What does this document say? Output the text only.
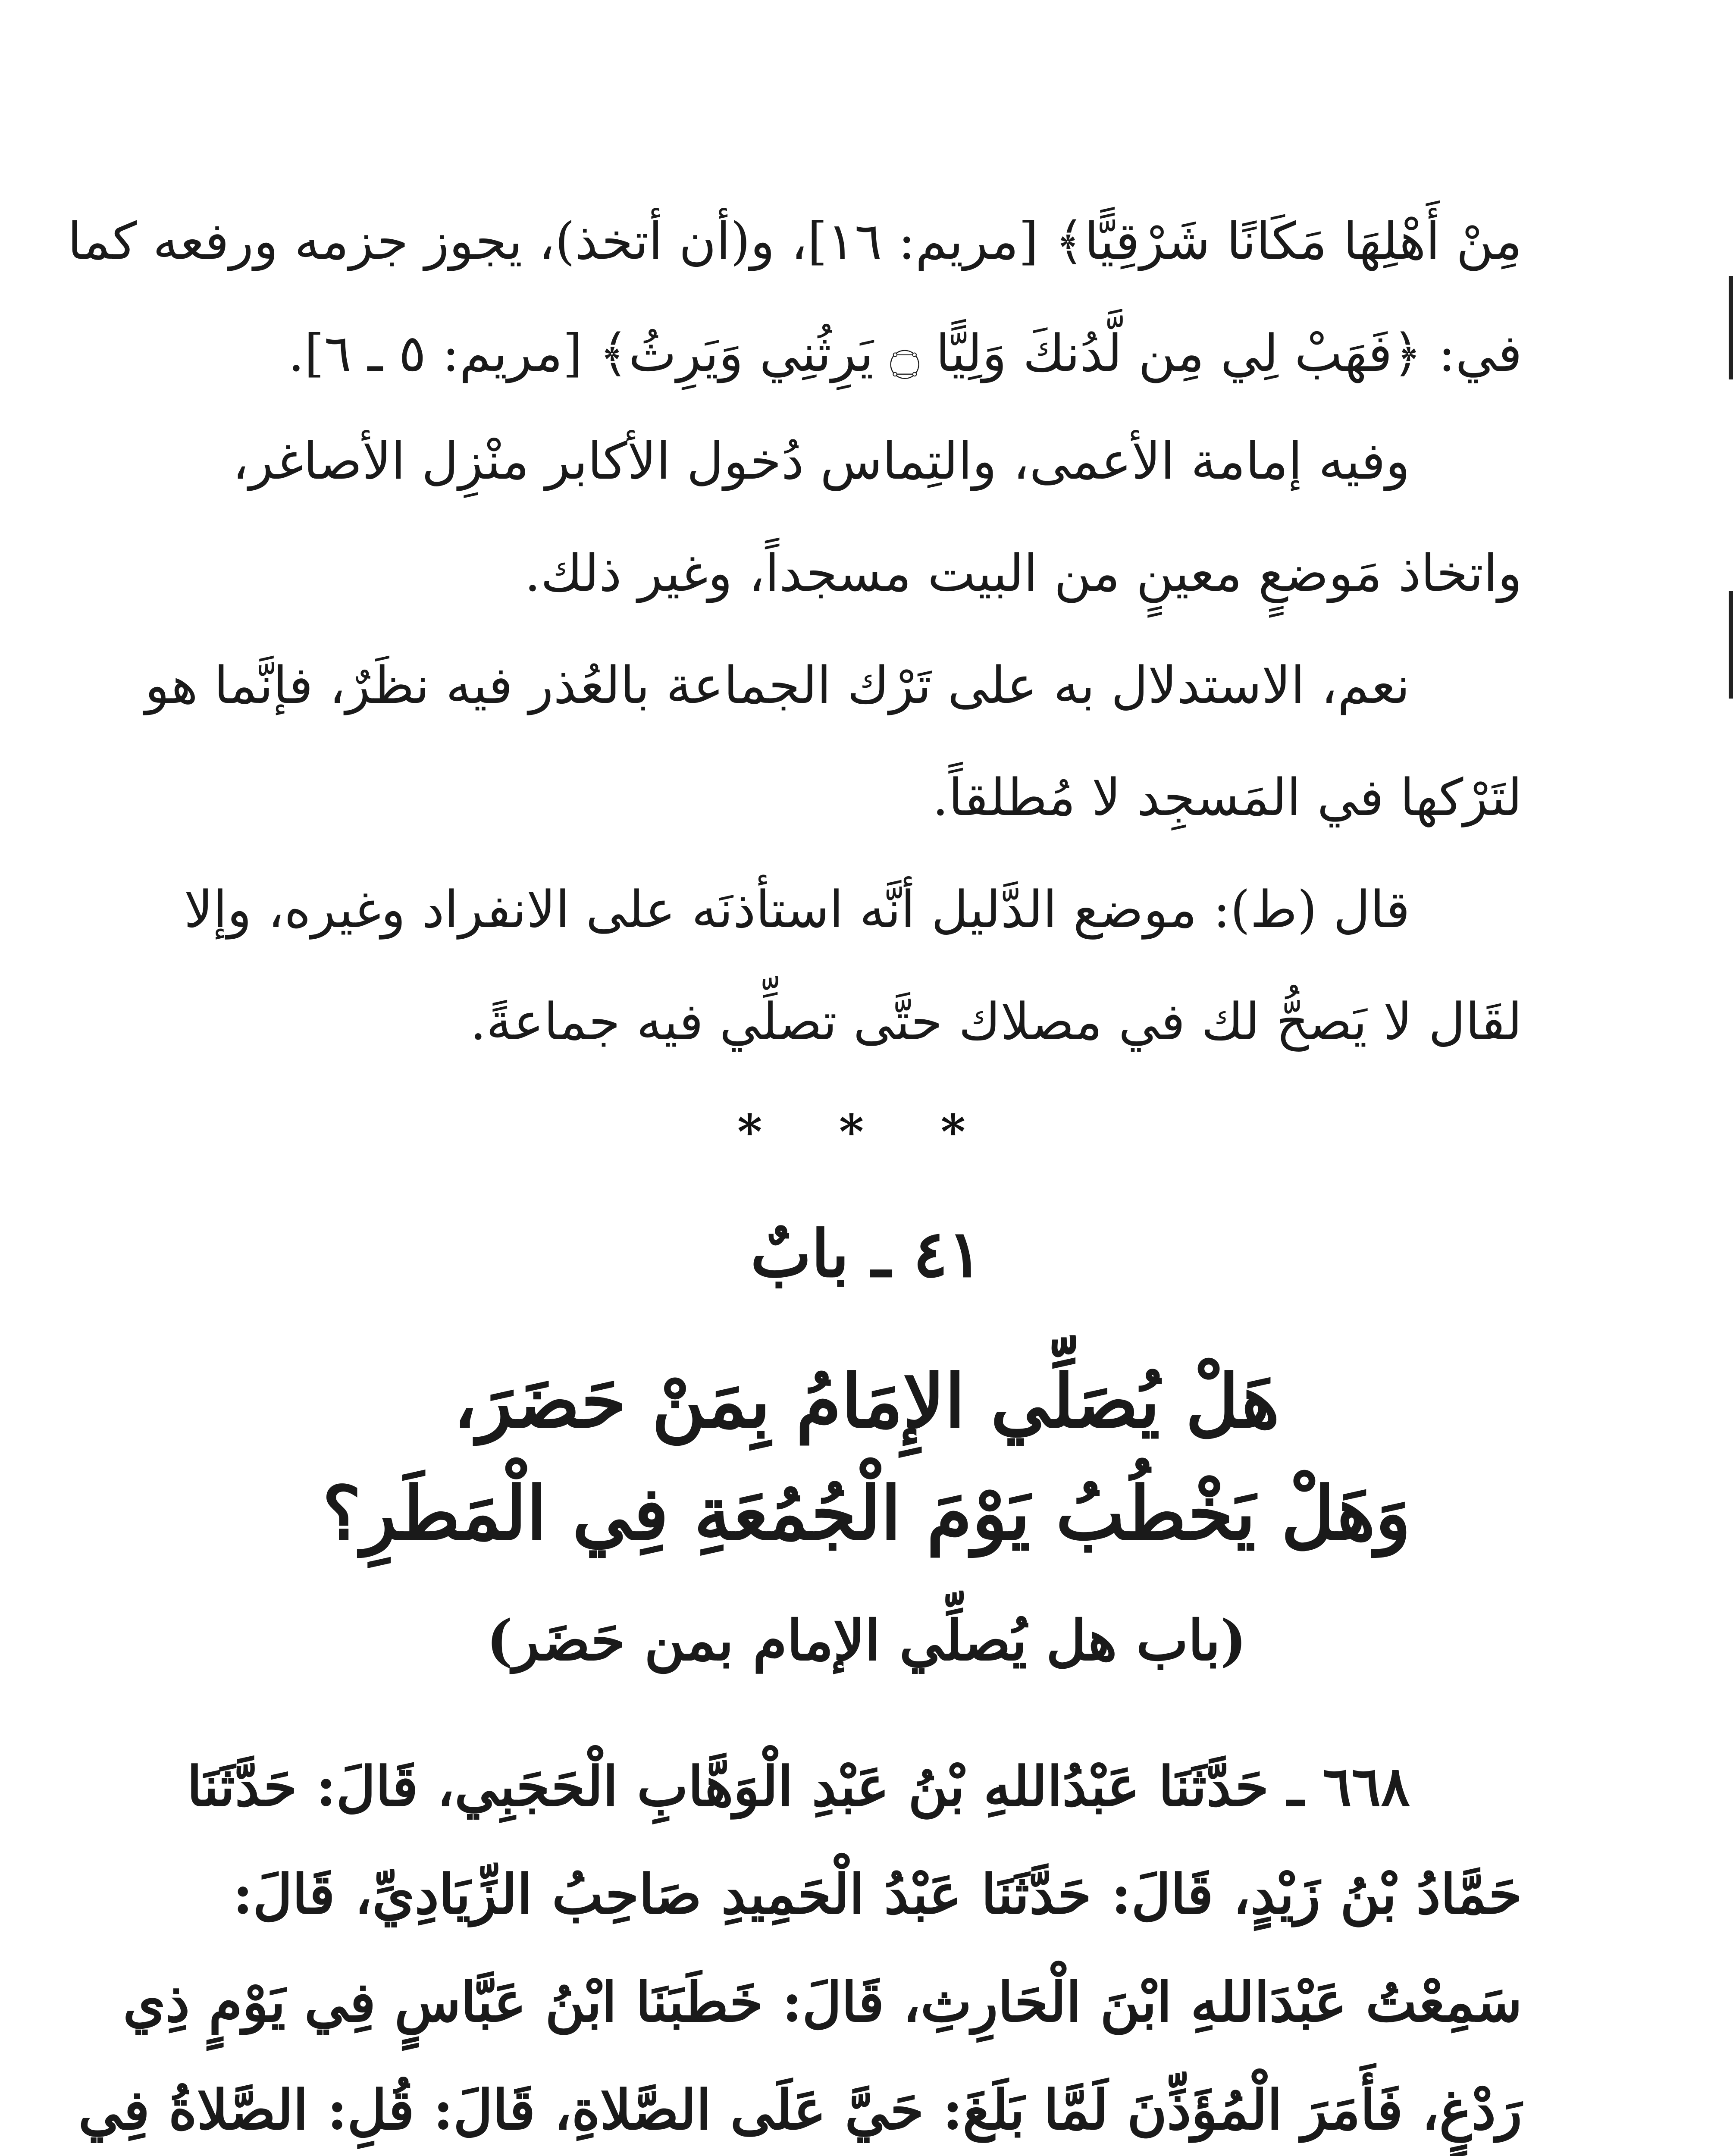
مِنْ أَهْلِهَا مَكَانًا شَرْقِيًّا﴾ [مريم: ١٦]، و(أن أتخذ)، يجوز جزمه ورفعه كما
في: ﴿فَهَبْ لِي مِن لَّدُنكَ وَلِيًّا ۝ يَرِثُنِي وَيَرِثُ﴾ [مريم: ٥ ـ ٦].
وفيه إمامة الأعمى، والتِماس دُخول الأكابر منْزِل الأصاغر،
واتخاذ مَوضعٍ معينٍ من البيت مسجداً، وغير ذلك.
نعم، الاستدلال به على تَرْك الجماعة بالعُذر فيه نظَرٌ، فإنَّما هو
لتَرْكها في المَسجِد لا مُطلقاً.
قال (ط): موضع الدَّليل أنَّه استأذنَه على الانفراد وغيره، وإلا
لقَال لا يَصحُّ لك في مصلاك حتَّى تصلِّي فيه جماعةً.
* * *
٤١ ـ بابٌ
هَلْ يُصَلِّي الإِمَامُ بِمَنْ حَضَرَ،
وَهَلْ يَخْطُبُ يَوْمَ الْجُمُعَةِ فِي الْمَطَرِ؟
(باب هل يُصلِّي الإمام بمن حَضَر)
٦٦٨ ـ حَدَّثَنَا عَبْدُاللهِ بْنُ عَبْدِ الْوَهَّابِ الْحَجَبِي، قَالَ: حَدَّثَنَا
حَمَّادُ بْنُ زَيْدٍ، قَالَ: حَدَّثَنَا عَبْدُ الْحَمِيدِ صَاحِبُ الزِّيَادِيِّ، قَالَ:
سَمِعْتُ عَبْدَاللهِ ابْنَ الْحَارِثِ، قَالَ: خَطَبَنَا ابْنُ عَبَّاسٍ فِي يَوْمٍ ذِي
رَدْغٍ، فَأَمَرَ الْمُؤَذِّنَ لَمَّا بَلَغَ: حَيَّ عَلَى الصَّلاةِ، قَالَ: قُلِ: الصَّلاةُ فِي
